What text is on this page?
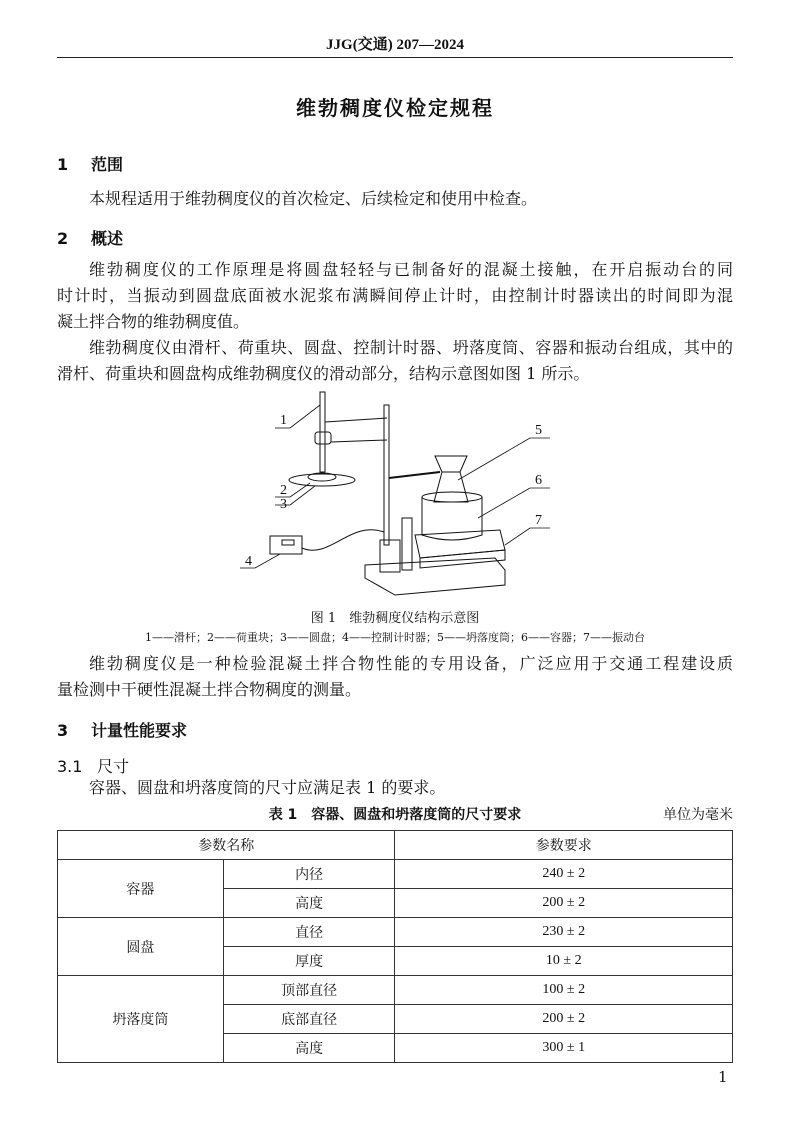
JJG(交通) 207—2024
维勃稠度仪检定规程
1 范围
本规程适用于维勃稠度仪的首次检定、后续检定和使用中检查。
2 概述
维勃稠度仪的工作原理是将圆盘轻轻与已制备好的混凝土接触，在开启振动台的同
时计时，当振动到圆盘底面被水泥浆布满瞬间停止计时，由控制计时器读出的时间即为混
凝土拌合物的维勃稠度值。
维勃稠度仪由滑杆、荷重块、圆盘、控制计时器、坍落度筒、容器和振动台组成，其中的
滑杆、荷重块和圆盘构成维勃稠度仪的滑动部分，结构示意图如图 1 所示。
1
2
3
4
5
6
7
图 1　维勃稠度仪结构示意图
1——滑杆；2——荷重块；3——圆盘；4——控制计时器；5——坍落度筒；6——容器；7——振动台
维勃稠度仪是一种检验混凝土拌合物性能的专用设备，广泛应用于交通工程建设质
量检测中干硬性混凝土拌合物稠度的测量。
3 计量性能要求
3.1 尺寸
容器、圆盘和坍落度筒的尺寸应满足表 1 的要求。
表 1　容器、圆盘和坍落度筒的尺寸要求	单位为毫米
参数名称		参数要求
容器	内径	240 ± 2
	高度	200 ± 2
圆盘	直径	230 ± 2
	厚度	10 ± 2
坍落度筒	顶部直径	100 ± 2
	底部直径	200 ± 2
	高度	300 ± 1
1
